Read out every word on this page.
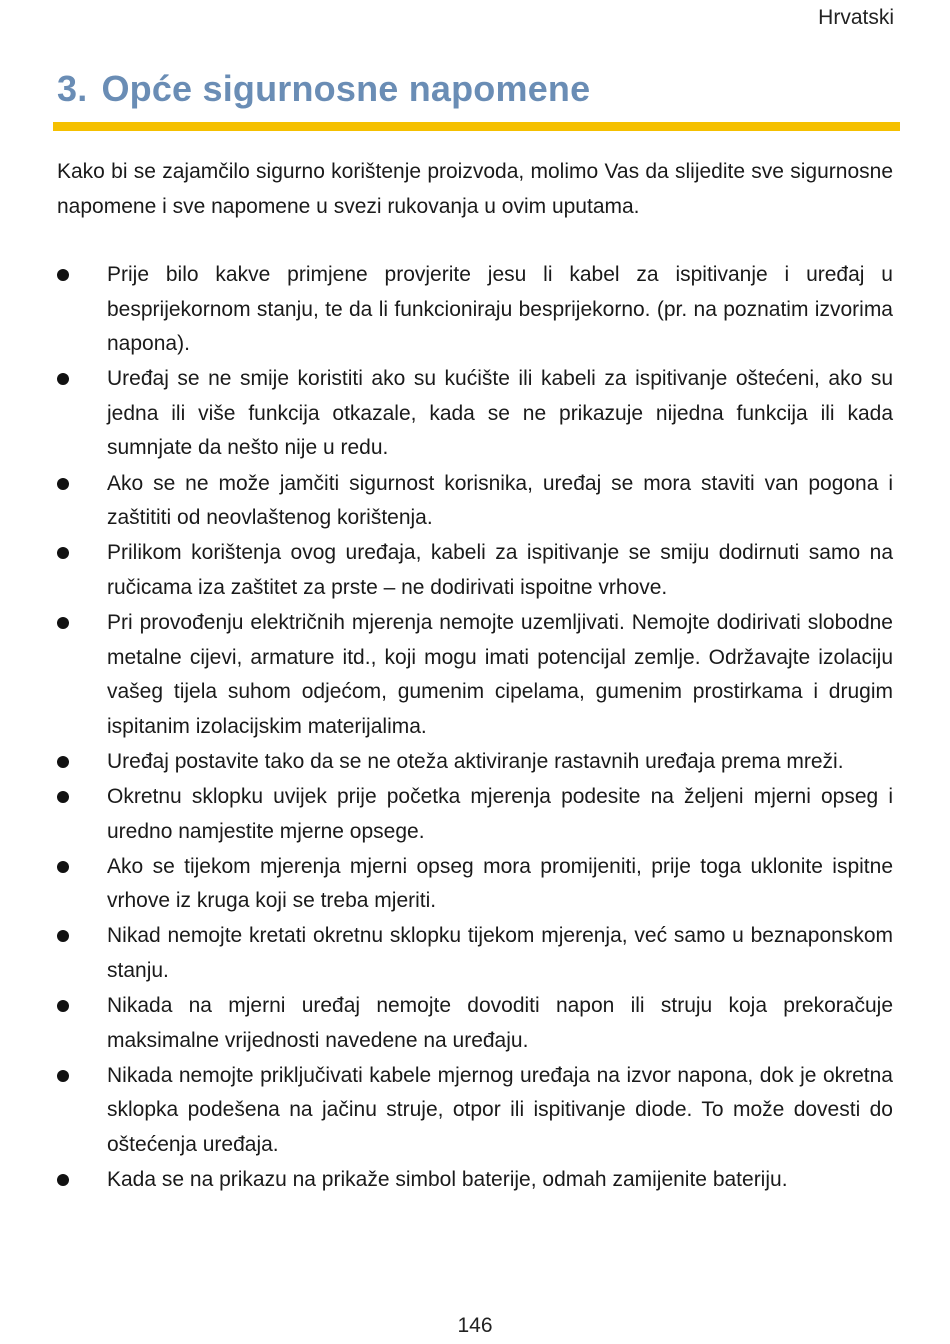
Hrvatski
3. Opće sigurnosne napomene

Kako bi se zajamčilo sigurno korištenje proizvoda, molimo Vas da slijedite sve sigurnosne napomene i sve napomene u svezi rukovanja u ovim uputama.

Prije bilo kakve primjene provjerite jesu li kabel za ispitivanje i uređaj u besprijekornom stanju, te da li funkcioniraju besprijekorno. (pr. na poznatim izvorima napona).
Uređaj se ne smije koristiti ako su kućište ili kabeli za ispitivanje oštećeni, ako su jedna ili više funkcija otkazale, kada se ne prikazuje nijedna funkcija ili kada sumnjate da nešto nije u redu.
Ako se ne može jamčiti sigurnost korisnika, uređaj se mora staviti van pogona i zaštititi od neovlaštenog korištenja.
Prilikom korištenja ovog uređaja, kabeli za ispitivanje se smiju dodirnuti samo na ručicama iza zaštitet za prste – ne dodirivati ispoitne vrhove.
Pri provođenju električnih mjerenja nemojte uzemljivati. Nemojte dodirivati slobodne metalne cijevi, armature itd., koji mogu imati potencijal zemlje. Održavajte izolaciju vašeg tijela suhom odjećom, gumenim cipelama, gumenim prostirkama i drugim ispitanim izolacijskim materijalima.
Uređaj postavite tako da se ne oteža aktiviranje rastavnih uređaja prema mreži.
Okretnu sklopku uvijek prije početka mjerenja podesite na željeni mjerni opseg i uredno namjestite mjerne opsege.
Ako se tijekom mjerenja mjerni opseg mora promijeniti, prije toga uklonite ispitne vrhove iz kruga koji se treba mjeriti.
Nikad nemojte kretati okretnu sklopku tijekom mjerenja, već samo u beznaponskom stanju.
Nikada na mjerni uređaj nemojte dovoditi napon ili struju koja prekoračuje maksimalne vrijednosti navedene na uređaju.
Nikada nemojte priključivati kabele mjernog uređaja na izvor napona, dok je okretna sklopka podešena na jačinu struje, otpor ili ispitivanje diode. To može dovesti do oštećenja uređaja.
Kada se na prikazu na prikaže simbol baterije, odmah zamijenite bateriju.
146
